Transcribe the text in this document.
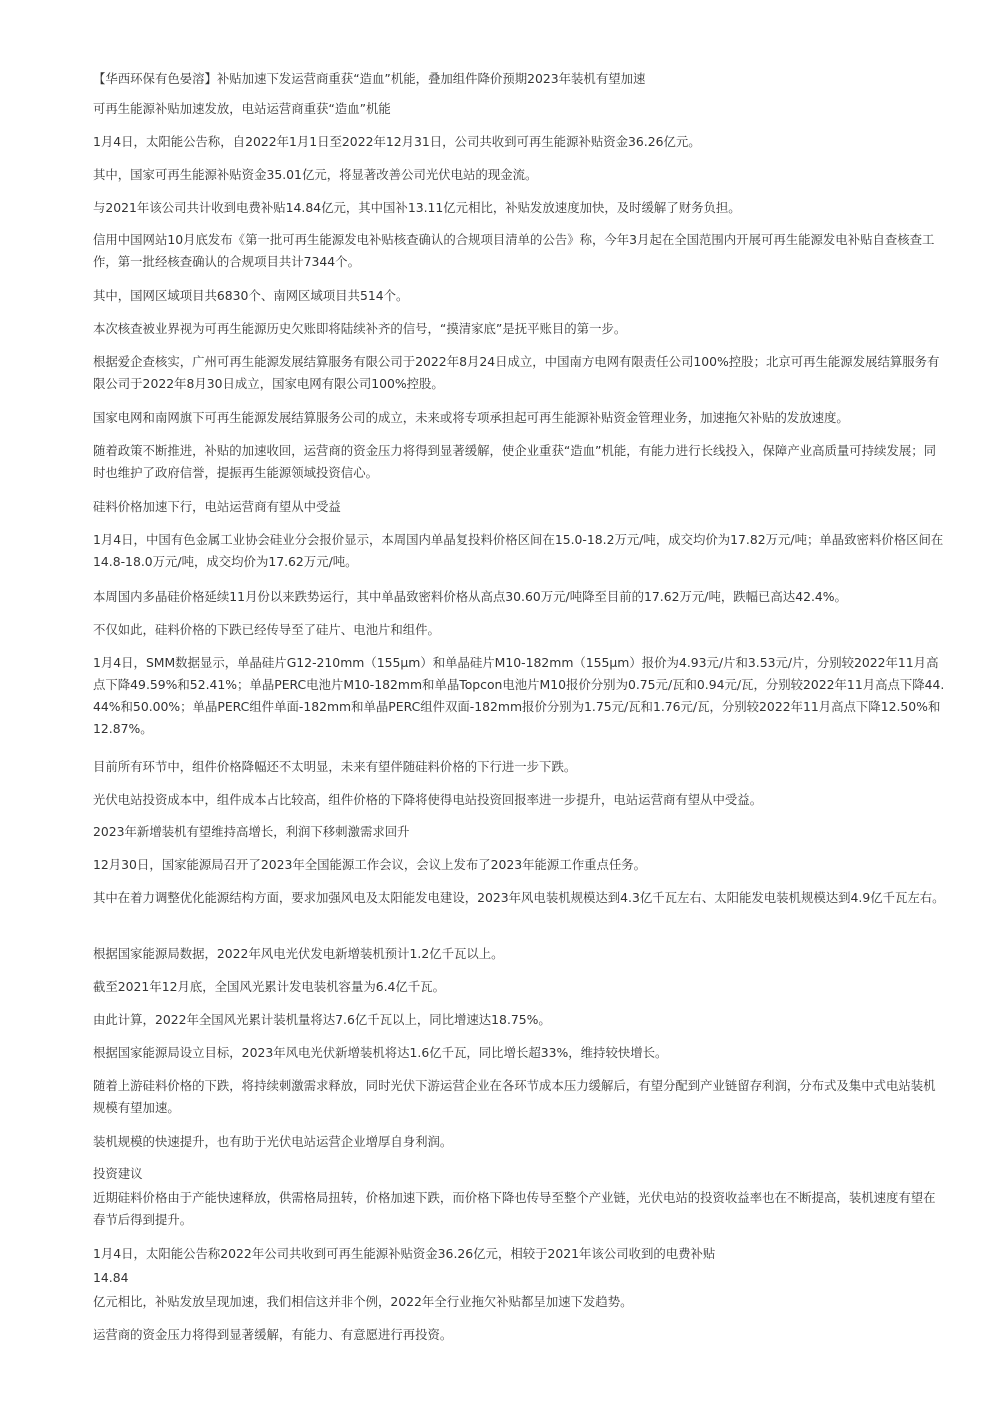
【华西环保有色晏溶】补贴加速下发运营商重获“造血”机能，叠加组件降价预期2023年装机有望加速

可再生能源补贴加速发放，电站运营商重获“造血”机能

1月4日，太阳能公告称，自2022年1月1日至2022年12月31日，公司共收到可再生能源补贴资金36.26亿元。

其中，国家可再生能源补贴资金35.01亿元，将显著改善公司光伏电站的现金流。

与2021年该公司共计收到电费补贴14.84亿元，其中国补13.11亿元相比，补贴发放速度加快，及时缓解了财务负担。

信用中国网站10月底发布《第一批可再生能源发电补贴核查确认的合规项目清单的公告》称，今年3月起在全国范围内开展可再生能源发电补贴自查核查工作，第一批经核查确认的合规项目共计7344个。

其中，国网区域项目共6830个、南网区域项目共514个。

本次核查被业界视为可再生能源历史欠账即将陆续补齐的信号，“摸清家底”是抚平账目的第一步。

根据爱企查核实，广州可再生能源发展结算服务有限公司于2022年8月24日成立，中国南方电网有限责任公司100%控股；北京可再生能源发展结算服务有限公司于2022年8月30日成立，国家电网有限公司100%控股。

国家电网和南网旗下可再生能源发展结算服务公司的成立，未来或将专项承担起可再生能源补贴资金管理业务，加速拖欠补贴的发放速度。

随着政策不断推进，补贴的加速收回，运营商的资金压力将得到显著缓解，使企业重获“造血”机能，有能力进行长线投入，保障产业高质量可持续发展；同时也维护了政府信誉，提振再生能源领域投资信心。

硅料价格加速下行，电站运营商有望从中受益

1月4日，中国有色金属工业协会硅业分会报价显示，本周国内单晶复投料价格区间在15.0-18.2万元/吨，成交均价为17.82万元/吨；单晶致密料价格区间在14.8-18.0万元/吨，成交均价为17.62万元/吨。

本周国内多晶硅价格延续11月份以来跌势运行，其中单晶致密料价格从高点30.60万元/吨降至目前的17.62万元/吨，跌幅已高达42.4%。

不仅如此，硅料价格的下跌已经传导至了硅片、电池片和组件。

1月4日，SMM数据显示，单晶硅片G12-210mm（155μm）和单晶硅片M10-182mm（155μm）报价为4.93元/片和3.53元/片，分别较2022年11月高点下降49.59%和52.41%；单晶PERC电池片M10-182mm和单晶Topcon电池片M10报价分别为0.75元/瓦和0.94元/瓦，分别较2022年11月高点下降44.44%和50.00%；单晶PERC组件单面-182mm和单晶PERC组件双面-182mm报价分别为1.75元/瓦和1.76元/瓦，分别较2022年11月高点下降12.50%和12.87%。

目前所有环节中，组件价格降幅还不太明显，未来有望伴随硅料价格的下行进一步下跌。

光伏电站投资成本中，组件成本占比较高，组件价格的下降将使得电站投资回报率进一步提升，电站运营商有望从中受益。

2023年新增装机有望维持高增长，利润下移刺激需求回升

12月30日，国家能源局召开了2023年全国能源工作会议，会议上发布了2023年能源工作重点任务。

其中在着力调整优化能源结构方面，要求加强风电及太阳能发电建设，2023年风电装机规模达到4.3亿千瓦左右、太阳能发电装机规模达到4.9亿千瓦左右。

根据国家能源局数据，2022年风电光伏发电新增装机预计1.2亿千瓦以上。

截至2021年12月底，全国风光累计发电装机容量为6.4亿千瓦。

由此计算，2022年全国风光累计装机量将达7.6亿千瓦以上，同比增速达18.75%。

根据国家能源局设立目标，2023年风电光伏新增装机将达1.6亿千瓦，同比增长超33%，维持较快增长。

随着上游硅料价格的下跌，将持续刺激需求释放，同时光伏下游运营企业在各环节成本压力缓解后，有望分配到产业链留存利润，分布式及集中式电站装机规模有望加速。

装机规模的快速提升，也有助于光伏电站运营企业增厚自身利润。

投资建议

近期硅料价格由于产能快速释放，供需格局扭转，价格加速下跌，而价格下降也传导至整个产业链，光伏电站的投资收益率也在不断提高，装机速度有望在春节后得到提升。

1月4日，太阳能公告称2022年公司共收到可再生能源补贴资金36.26亿元，相较于2021年该公司收到的电费补贴

14.84

亿元相比，补贴发放呈现加速，我们相信这并非个例，2022年全行业拖欠补贴都呈加速下发趋势。

运营商的资金压力将得到显著缓解，有能力、有意愿进行再投资。
